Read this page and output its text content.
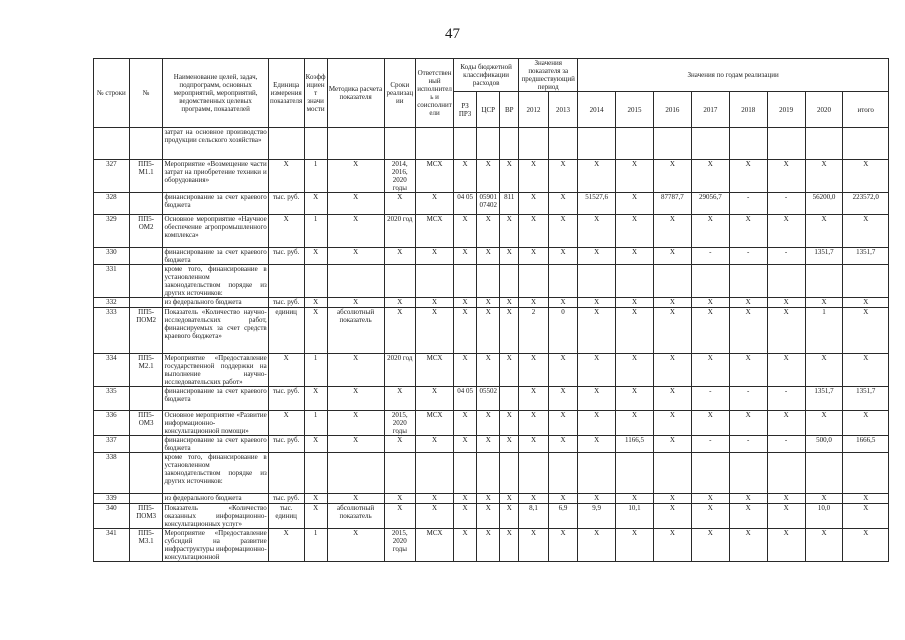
47
№ строки	№	Наименование целей, задач, подпрограмм, основных мероприятий, мероприятий, ведомственных целевых программ, показателей	Единица измерения показателя	Коэффициент значимости	Методика расчета показателя	Сроки реализации	Ответственный исполнитель и соисполнители	Коды бюджетной классификации расходов			Значения показателя за предшествующий период		Значения по годам реализации							
								РЗ ПР3	ЦСР	ВР	2012	2013	2014	2015	2016	2017	2018	2019	2020	итого
		затрат на основное производство продукции сельского хозяйства»																		
327	ПП5-М1.1	Мероприятие «Возмещение части затрат на приобретение техники и оборудования»	X	1	X	2014, 2016, 2020 годы	МСХ	X	X	X	X	X	X	X	X	X	X	X	X	X
328		финансирование за счет краевого бюджета	тыс. руб.	X	X	X	X	04 05	05901 07402	811	X	X	51527,6	X	87787,7	29056,7	-	-	56200,0	223572,0
329	ПП5-ОМ2	Основное мероприятие «Научное обеспечение агропромышленного комплекса»	X	1	X	2020 год	МСХ	X	X	X	X	X	X	X	X	X	X	X	X	X
330		финансирование за счет краевого бюджета	тыс. руб.	X	X	X	X	X	X	X	X	X	X	X	X	-	-	-	1351,7	1351,7
331		кроме того, финансирование в установленном законодательством порядке из других источников:																		
332		из федерального бюджета	тыс. руб.	X	X	X	X	X	X	X	X	X	X	X	X	X	X	X	X	X
333	ПП5-ПОМ2	Показатель «Количество научно-исследовательских работ, финансируемых за счет средств краевого бюджета»	единиц	X	абсолютный показатель	X	X	X	X	X	2	0	X	X	X	X	X	X	1	X
334	ПП5-М2.1	Мероприятие «Предоставление государственной поддержки на выполнение научно-исследовательских работ»	X	1	X	2020 год	МСХ	X	X	X	X	X	X	X	X	X	X	X	X	X
335		финансирование за счет краевого бюджета	тыс. руб.	X	X	X	X	04 05	05502		X	X	X	X	X	-	-	-	1351,7	1351,7
336	ПП5-ОМ3	Основное мероприятие «Развитие информационно-консультационной помощи»	X	1	X	2015, 2020 годы	МСХ	X	X	X	X	X	X	X	X	X	X	X	X	X
337		финансирование за счет краевого бюджета	тыс. руб.	X	X	X	X	X	X	X	X	X	X	1166,5	X	-	-	-	500,0	1666,5
338		кроме того, финансирование в установленном законодательством порядке из других источников:																		
339		из федерального бюджета	тыс. руб.	X	X	X	X	X	X	X	X	X	X	X	X	X	X	X	X	X
340	ПП5-ПОМ3	Показатель «Количество оказанных информационно-консультационных услуг»	тыс. единиц	X	абсолютный показатель	X	X	X	X	X	8,1	6,9	9,9	10,1	X	X	X	X	10,0	X
341	ПП5-М3.1	Мероприятие «Предоставление субсидий на развитие инфраструктуры информационно-консультационной	X	1	X	2015, 2020 годы	МСХ	X	X	X	X	X	X	X	X	X	X	X	X	X
